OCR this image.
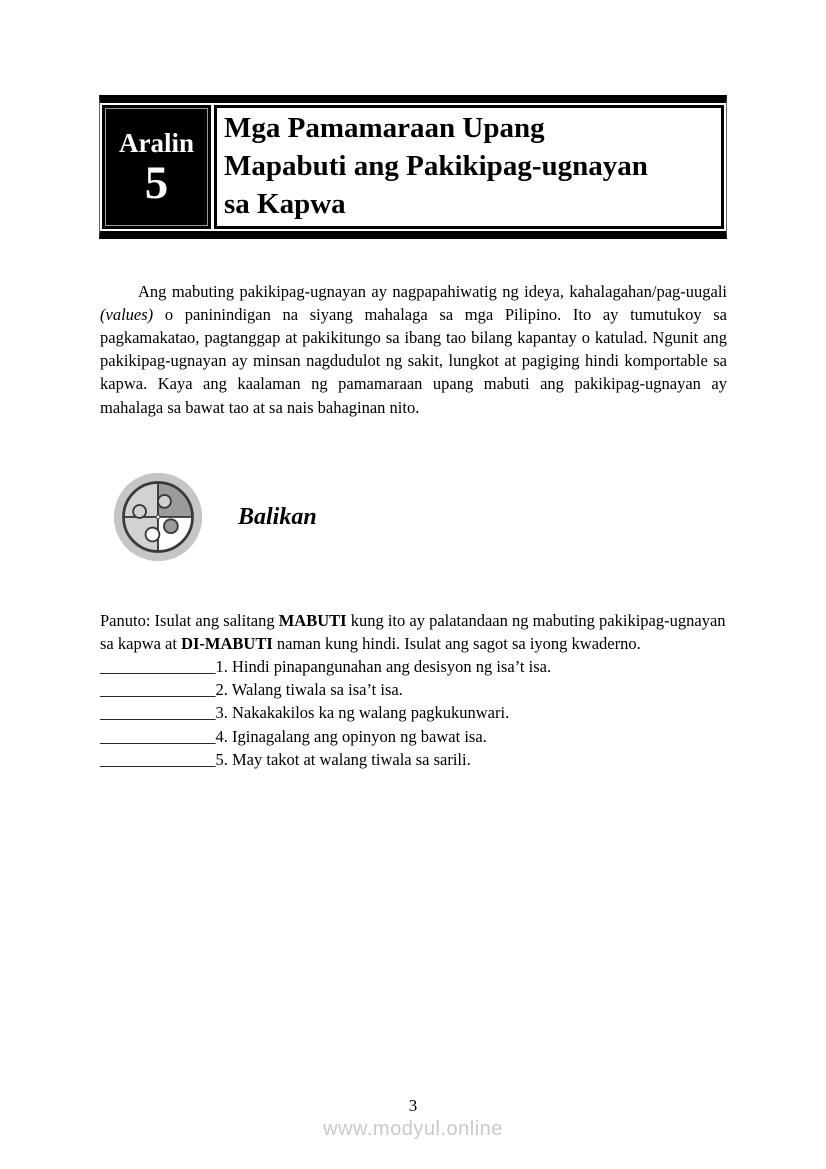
Aralin
5
Mga Pamamaraan Upang
Mapabuti ang Pakikipag-ugnayan
sa Kapwa

Ang mabuting pakikipag-ugnayan ay nagpapahiwatig ng ideya, kahalagahan/pag-uugali (values) o paninindigan na siyang mahalaga sa mga Pilipino. Ito ay tumutukoy sa pagkamakatao, pagtanggap at pakikitungo sa ibang tao bilang kapantay o katulad. Ngunit ang pakikipag-ugnayan ay minsan nagdudulot ng sakit, lungkot at pagiging hindi komportable sa kapwa. Kaya ang kaalaman ng pamamaraan upang mabuti ang pakikipag-ugnayan ay mahalaga sa bawat tao at sa nais bahaginan nito.

Balikan

Panuto: Isulat ang salitang MABUTI kung ito ay palatandaan ng mabuting pakikipag-ugnayan sa kapwa at DI-MABUTI naman kung hindi. Isulat ang sagot sa iyong kwaderno.

______________1. Hindi pinapangunahan ang desisyon ng isa’t isa.
______________2. Walang tiwala sa isa’t isa.
______________3. Nakakakilos ka ng walang pagkukunwari.
______________4. Iginagalang ang opinyon ng bawat isa.
______________5. May takot at walang tiwala sa sarili.
3
www.modyul.online
